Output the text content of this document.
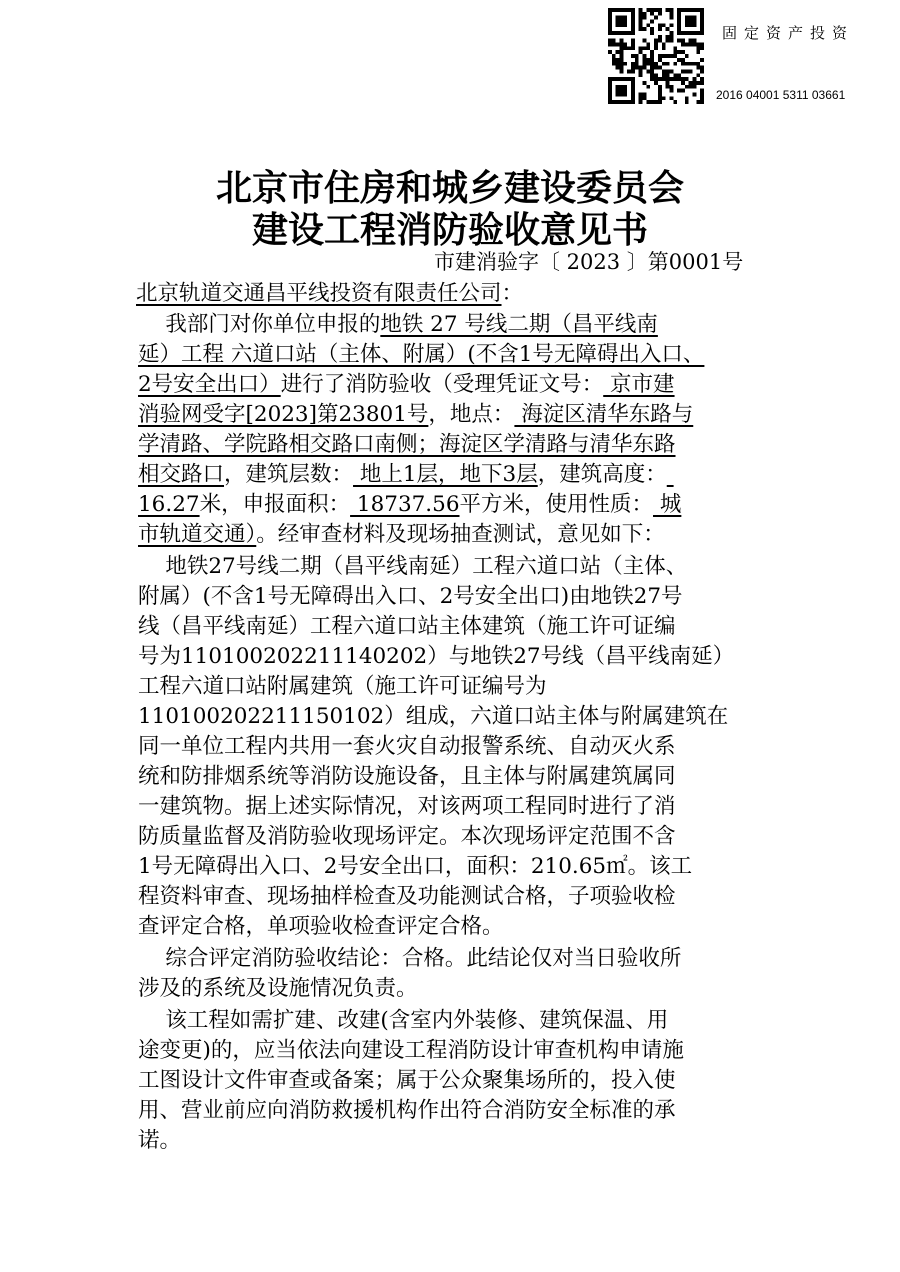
固定资产投资
2016 04001 5311 03661
北京市住房和城乡建设委员会
建设工程消防验收意见书
市建消验字〔 2023 〕第0001号
北京轨道交通昌平线投资有限责任公司：
我部门对你单位申报的地铁 27 号线二期（昌平线南
延）工程 六道口站（主体、附属）(不含1号无障碍出入口、
2号安全出口）进行了消防验收（受理凭证文号： 京市建
消验网受字[2023]第23801号，地点： 海淀区清华东路与
学清路、学院路相交路口南侧；海淀区学清路与清华东路
相交路口，建筑层数： 地上1层，地下3层，建筑高度：
16.27米，申报面积： 18737.56平方米，使用性质： 城
市轨道交通）。经审查材料及现场抽查测试，意见如下：
地铁27号线二期（昌平线南延）工程六道口站（主体、
附属）(不含1号无障碍出入口、2号安全出口)由地铁27号
线（昌平线南延）工程六道口站主体建筑（施工许可证编
号为110100202211140202）与地铁27号线（昌平线南延）
工程六道口站附属建筑（施工许可证编号为
110100202211150102）组成，六道口站主体与附属建筑在
同一单位工程内共用一套火灾自动报警系统、自动灭火系
统和防排烟系统等消防设施设备，且主体与附属建筑属同
一建筑物。据上述实际情况，对该两项工程同时进行了消
防质量监督及消防验收现场评定。本次现场评定范围不含
1号无障碍出入口、2号安全出口，面积：210.65㎡。该工
程资料审查、现场抽样检查及功能测试合格，子项验收检
查评定合格，单项验收检查评定合格。
综合评定消防验收结论：合格。此结论仅对当日验收所
涉及的系统及设施情况负责。
该工程如需扩建、改建(含室内外装修、建筑保温、用
途变更)的，应当依法向建设工程消防设计审查机构申请施
工图设计文件审查或备案；属于公众聚集场所的，投入使
用、营业前应向消防救援机构作出符合消防安全标准的承
诺。
